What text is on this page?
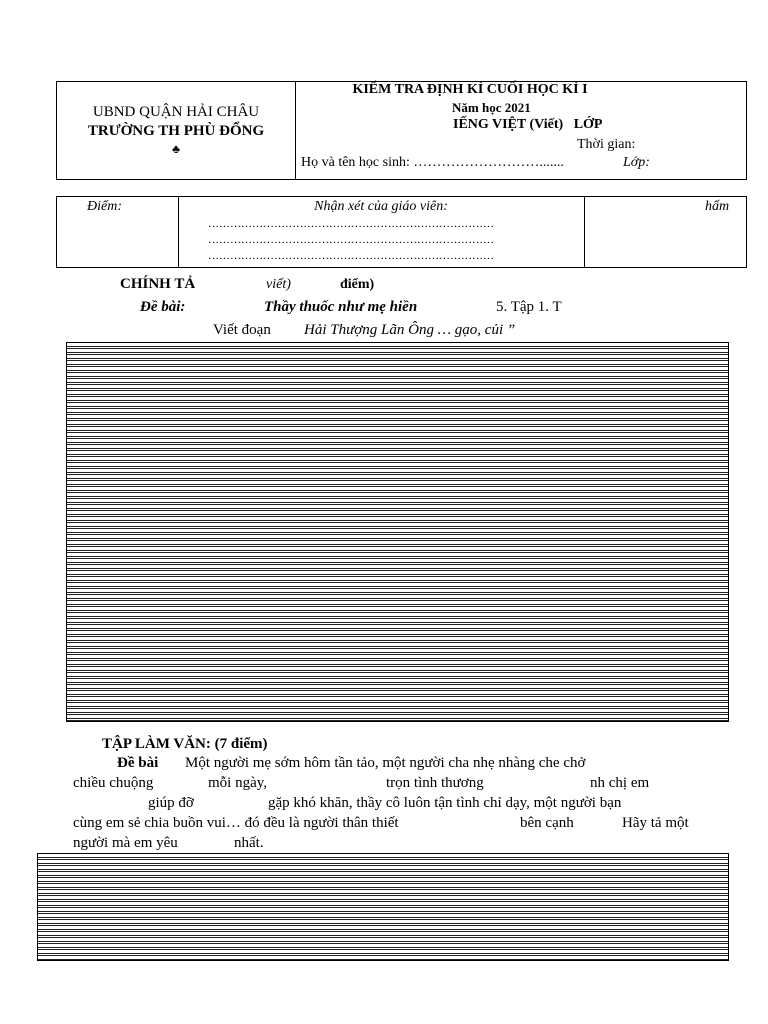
UBND QUẬN HẢI CHÂU
TRƯỜNG TH PHÙ ĐỔNG
♣
KIỂM TRA ĐỊNH KÌ CUỐI HỌC KÌ I
Năm học 2021
IẾNG VIỆT (Viết)   LỚP
Thời gian:
Họ và tên học sinh: ……………………….......	Lớp:
Điểm:	Nhận xét của giáo viên:
……………………………………………………………………
……………………………………………………………………
……………………………………………………………………
hấm
CHÍNH TẢ	viết)	điểm)
Đề bài:	Thầy thuốc như mẹ hiền	5. Tập 1. T
Viết đoạn Hải Thượng Lãn Ông … gạo, củi ”
TẬP LÀM VĂN: (7 điểm)
Đề bài Một người mẹ sớm hôm tần tảo, một người cha nhẹ nhàng che chở
chiều chuộng	mỗi ngày,	trọn tình thương	nh chị em
giúp đỡ	gặp khó khăn, thầy cô luôn tận tình chỉ dạy, một người bạn
cùng em sẻ chia buồn vui… đó đều là người thân thiết	bên cạnh	Hãy tả một
người mà em yêu	nhất.
